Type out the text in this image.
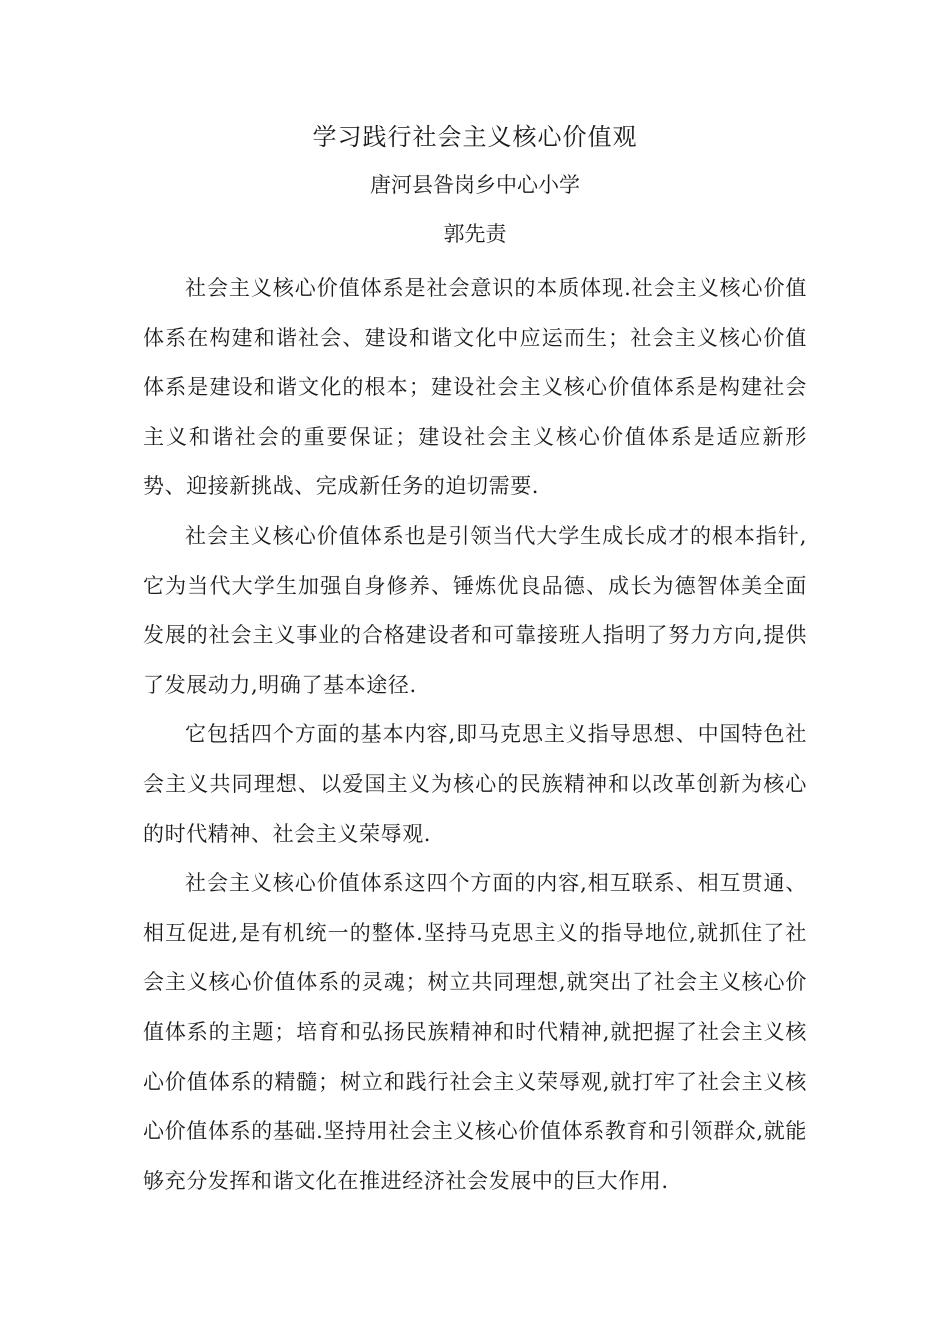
学习践行社会主义核心价值观

唐河县昝岗乡中心小学

郭先责

社会主义核心价值体系是社会意识的本质体现.社会主义核心价值体系在构建和谐社会、建设和谐文化中应运而生；社会主义核心价值体系是建设和谐文化的根本；建设社会主义核心价值体系是构建社会主义和谐社会的重要保证；建设社会主义核心价值体系是适应新形势、迎接新挑战、完成新任务的迫切需要.

社会主义核心价值体系也是引领当代大学生成长成才的根本指针,它为当代大学生加强自身修养、锤炼优良品德、成长为德智体美全面发展的社会主义事业的合格建设者和可靠接班人指明了努力方向,提供了发展动力,明确了基本途径.

它包括四个方面的基本内容,即马克思主义指导思想、中国特色社会主义共同理想、以爱国主义为核心的民族精神和以改革创新为核心的时代精神、社会主义荣辱观.

社会主义核心价值体系这四个方面的内容,相互联系、相互贯通、相互促进,是有机统一的整体.坚持马克思主义的指导地位,就抓住了社会主义核心价值体系的灵魂；树立共同理想,就突出了社会主义核心价值体系的主题；培育和弘扬民族精神和时代精神,就把握了社会主义核心价值体系的精髓；树立和践行社会主义荣辱观,就打牢了社会主义核心价值体系的基础.坚持用社会主义核心价值体系教育和引领群众,就能够充分发挥和谐文化在推进经济社会发展中的巨大作用.
